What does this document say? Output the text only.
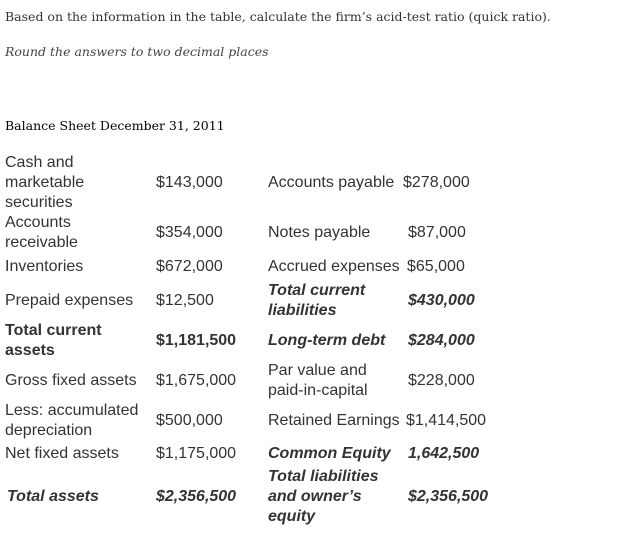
Based on the information in the table, calculate the firm’s acid-test ratio (quick ratio).
Round the answers to two decimal places
Balance Sheet December 31, 2011
Cash and
marketable
securities
Accounts
receivable
Inventories
Prepaid expenses
Total current
assets
Gross fixed assets
Less: accumulated
depreciation
Net fixed assets
Total assets
$143,000
$354,000
$672,000
$12,500
$1,181,500
$1,675,000
$500,000
$1,175,000
$2,356,500
Accounts payable
Notes payable
Accrued expenses
Total current
liabilities
Long-term debt
Par value and
paid-in-capital
Retained Earnings
Common Equity
Total liabilities
and owner’s
equity
$278,000
$87,000
$65,000
$430,000
$284,000
$228,000
$1,414,500
1,642,500
$2,356,500
